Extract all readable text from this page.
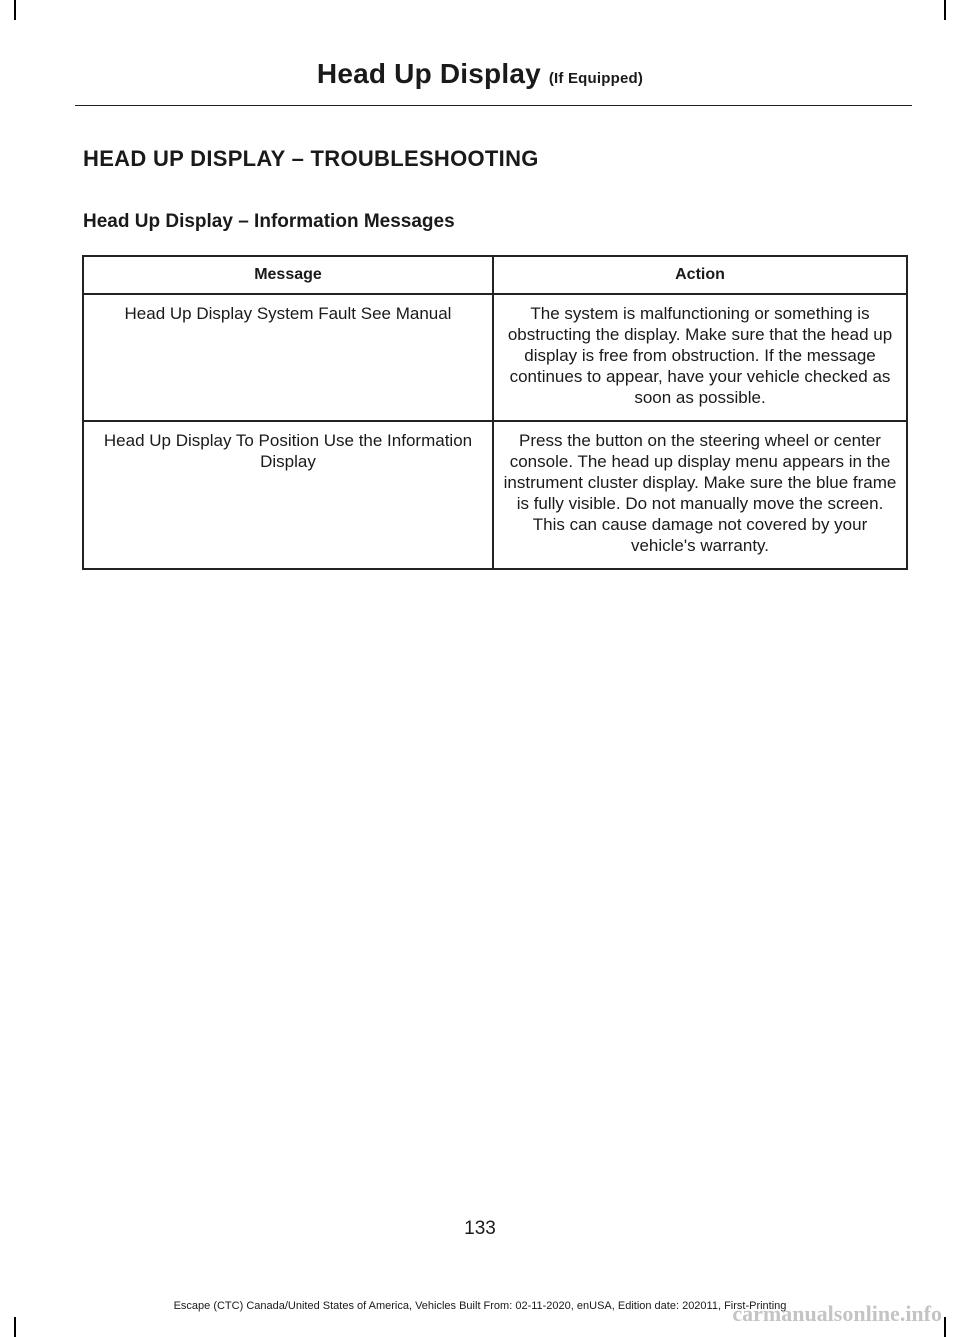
Head Up Display (If Equipped)
HEAD UP DISPLAY – TROUBLESHOOTING
Head Up Display – Information Messages
Message	Action
Head Up Display System Fault See Manual	The system is malfunctioning or something is obstructing the display. Make sure that the head up display is free from obstruction. If the message continues to appear, have your vehicle checked as soon as possible.
Head Up Display To Position Use the Information Display	Press the button on the steering wheel or center console. The head up display menu appears in the instrument cluster display. Make sure the blue frame is fully visible. Do not manually move the screen. This can cause damage not covered by your vehicle's warranty.
133
Escape (CTC) Canada/United States of America, Vehicles Built From: 02-11-2020, enUSA, Edition date: 202011, First-Printing
carmanualsonline.info
